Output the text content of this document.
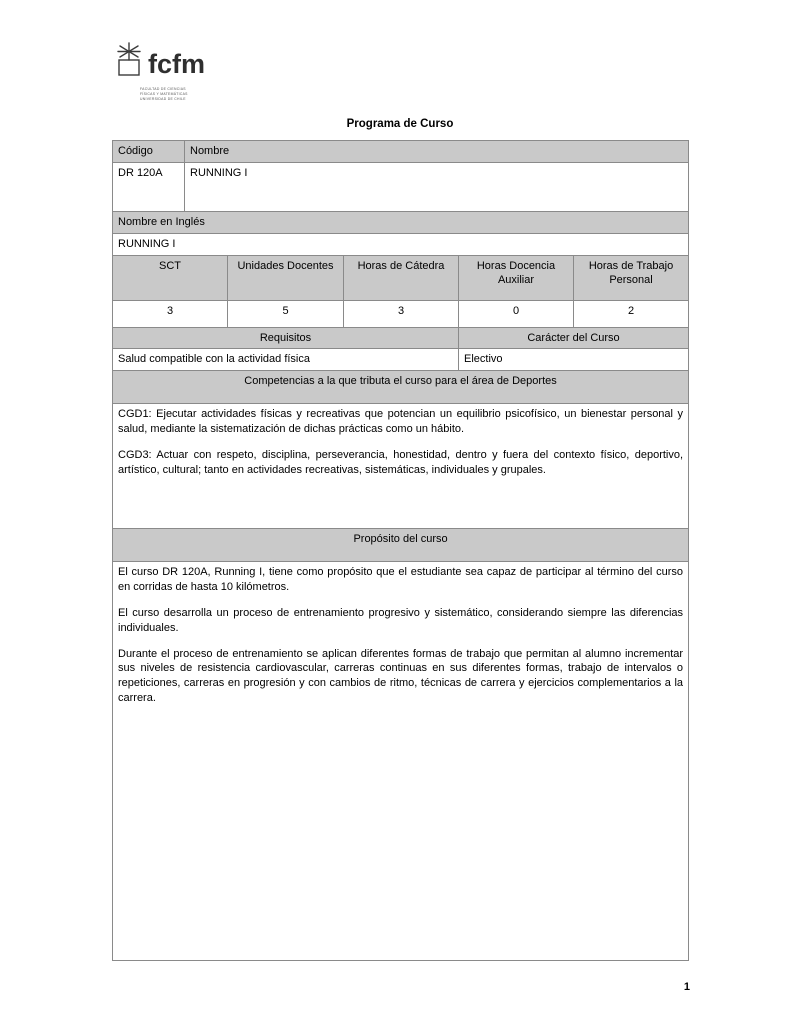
fcfm
FACULTAD DE CIENCIAS
FÍSICAS Y MATEMÁTICAS
UNIVERSIDAD DE CHILE
Programa de Curso
Código	Nombre				
DR 120A	RUNNING I				
Nombre en Inglés					
RUNNING I					
SCT		Unidades Docentes	Horas de Cátedra	Horas Docencia Auxiliar	Horas de Trabajo Personal
3		5	3	0	2
Requisitos				Carácter del Curso	
Salud compatible con la actividad física				Electivo	
Competencias a la que tributa el curso para el área de Deportes					

CGD1: Ejecutar actividades físicas y recreativas que potencian un equilibrio psicofísico, un bienestar personal y salud, mediante la sistematización de dichas prácticas como un hábito.

CGD3: Actuar con respeto, disciplina, perseverancia, honestidad, dentro y fuera del contexto físico, deportivo, artístico, cultural; tanto en actividades recreativas, sistemáticas, individuales y grupales.					

Propósito del curso					

El curso DR 120A, Running I, tiene como propósito que el estudiante sea capaz de participar al término del curso en corridas de hasta 10 kilómetros.

El curso desarrolla un proceso de entrenamiento progresivo y sistemático, considerando siempre las diferencias individuales.

Durante el proceso de entrenamiento se aplican diferentes formas de trabajo que permitan al alumno incrementar sus niveles de resistencia cardiovascular, carreras continuas en sus diferentes formas, trabajo de intervalos o repeticiones, carreras en progresión y con cambios de ritmo, técnicas de carrera y ejercicios complementarios a la carrera.					

1
